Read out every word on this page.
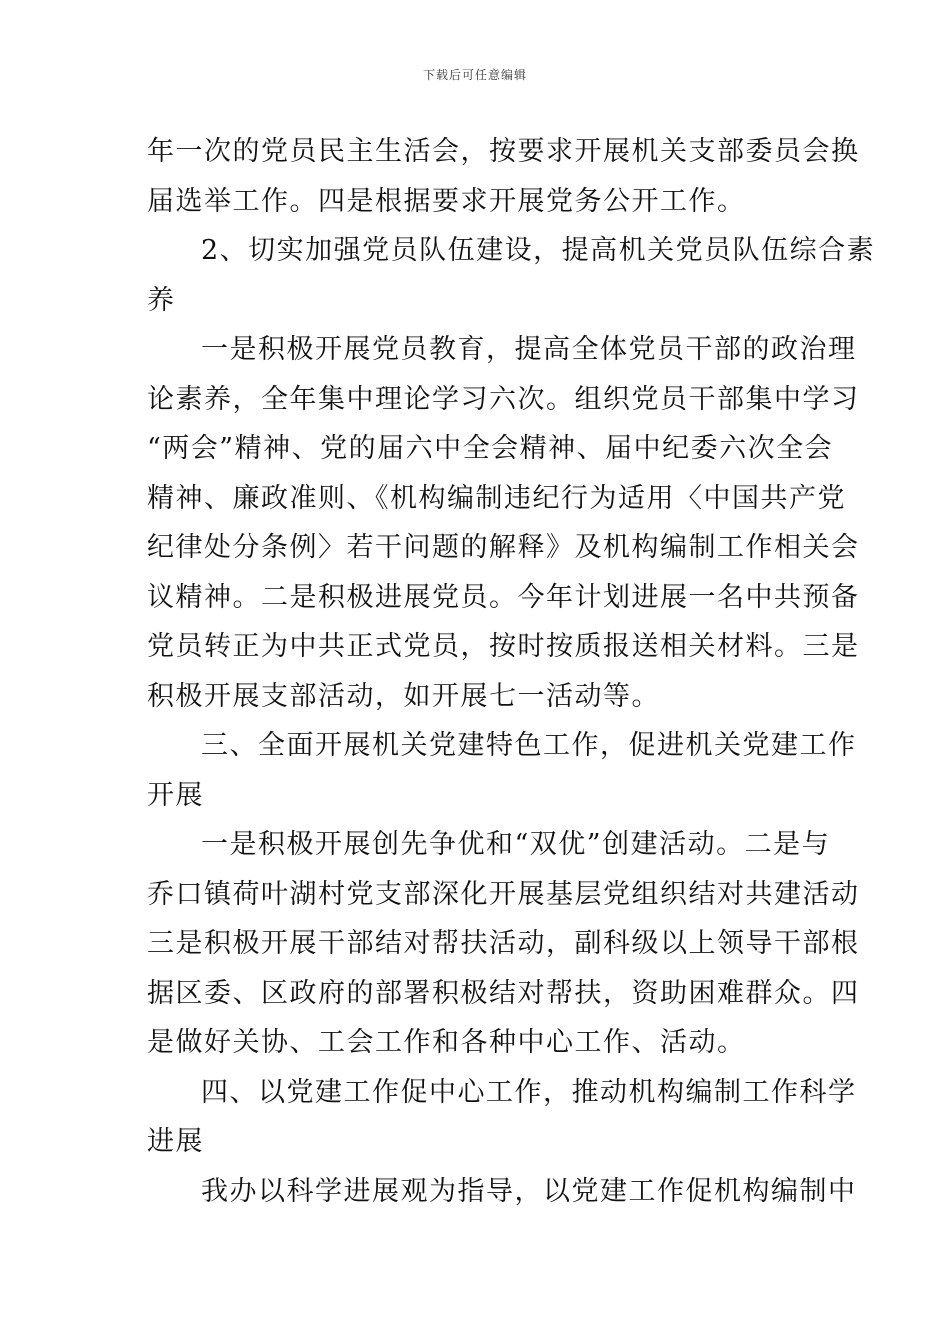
下载后可任意编辑
年一次的党员民主生活会，按要求开展机关支部委员会换
届选举工作。四是根据要求开展党务公开工作。
2、切实加强党员队伍建设，提高机关党员队伍综合素
养
一是积极开展党员教育，提高全体党员干部的政治理
论素养，全年集中理论学习六次。组织党员干部集中学习
“两会”精神、党的届六中全会精神、届中纪委六次全会
精神、廉政准则、《机构编制违纪行为适用〈中国共产党
纪律处分条例〉若干问题的解释》及机构编制工作相关会
议精神。二是积极进展党员。今年计划进展一名中共预备
党员转正为中共正式党员，按时按质报送相关材料。三是
积极开展支部活动，如开展七一活动等。
三、全面开展机关党建特色工作，促进机关党建工作
开展
一是积极开展创先争优和“双优”创建活动。二是与
乔口镇荷叶湖村党支部深化开展基层党组织结对共建活动
三是积极开展干部结对帮扶活动，副科级以上领导干部根
据区委、区政府的部署积极结对帮扶，资助困难群众。四
是做好关协、工会工作和各种中心工作、活动。
四、以党建工作促中心工作，推动机构编制工作科学
进展
我办以科学进展观为指导，以党建工作促机构编制中
